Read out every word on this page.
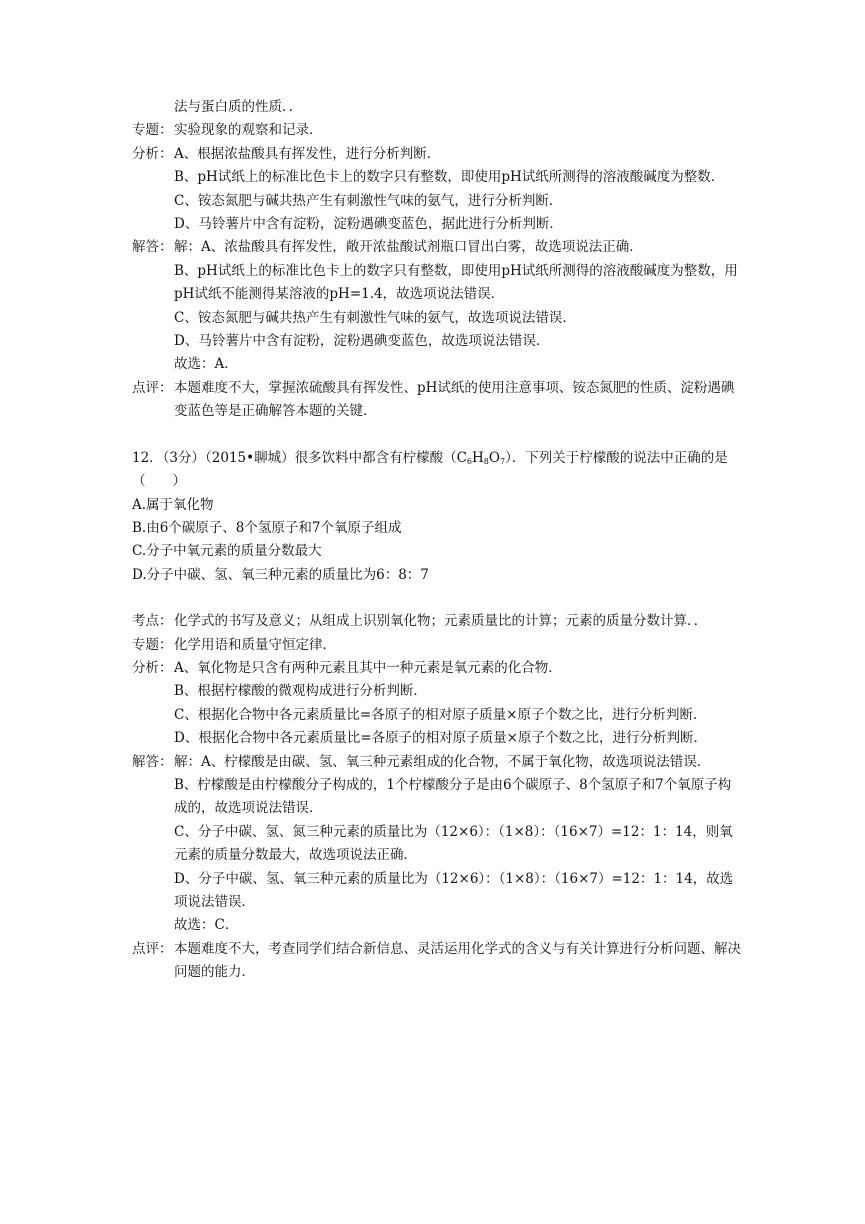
法与蛋白质的性质．．

专题： 实验现象的观察和记录．
分析： A、根据浓盐酸具有挥发性，进行分析判断．

B、pH试纸上的标准比色卡上的数字只有整数，即使用pH试纸所测得的溶液酸碱度为整数．

C、铵态氮肥与碱共热产生有刺激性气味的氨气，进行分析判断．

D、马铃薯片中含有淀粉，淀粉遇碘变蓝色，据此进行分析判断．

解答： 解：A、浓盐酸具有挥发性，敞开浓盐酸试剂瓶口冒出白雾，故选项说法正确．

B、pH试纸上的标准比色卡上的数字只有整数，即使用pH试纸所测得的溶液酸碱度为整数，用pH试纸不能测得某溶液的pH=1.4，故选项说法错误．

C、铵态氮肥与碱共热产生有刺激性气味的氨气，故选项说法错误．

D、马铃薯片中含有淀粉，淀粉遇碘变蓝色，故选项说法错误．

故选：A．

点评： 本题难度不大，掌握浓硫酸具有挥发性、pH试纸的使用注意事项、铵态氮肥的性质、淀粉遇碘变蓝色等是正确解答本题的关键．

12．（3分）（2015•聊城）很多饮料中都含有柠檬酸$(C_6H_8O_7)$．下列关于柠檬酸的说法中正确的是（　　）

A.属于氧化物

B.由6个碳原子、8个氢原子和7个氧原子组成

C.分子中氧元素的质量分数最大

D.分子中碳、氢、氧三种元素的质量比为6：8：7

考点： 化学式的书写及意义；从组成上识别氧化物；元素质量比的计算；元素的质量分数计算．．
专题： 化学用语和质量守恒定律．
分析： A、氧化物是只含有两种元素且其中一种元素是氧元素的化合物．

B、根据柠檬酸的微观构成进行分析判断．

C、根据化合物中各元素质量比=各原子的相对原子质量×原子个数之比，进行分析判断．

D、根据化合物中各元素质量比=各原子的相对原子质量×原子个数之比，进行分析判断．

解答： 解：A、柠檬酸是由碳、氢、氧三种元素组成的化合物，不属于氧化物，故选项说法错误．

B、柠檬酸是由柠檬酸分子构成的，1个柠檬酸分子是由6个碳原子、8个氢原子和7个氧原子构成的，故选项说法错误．

C、分子中碳、氢、氮三种元素的质量比为（12×6）：（1×8）：（16×7）=12：1：14，则氧元素的质量分数最大，故选项说法正确．

D、分子中碳、氢、氧三种元素的质量比为（12×6）：（1×8）：（16×7）=12：1：14，故选项说法错误．

故选：C．

点评： 本题难度不大，考查同学们结合新信息、灵活运用化学式的含义与有关计算进行分析问题、解决问题的能力．
